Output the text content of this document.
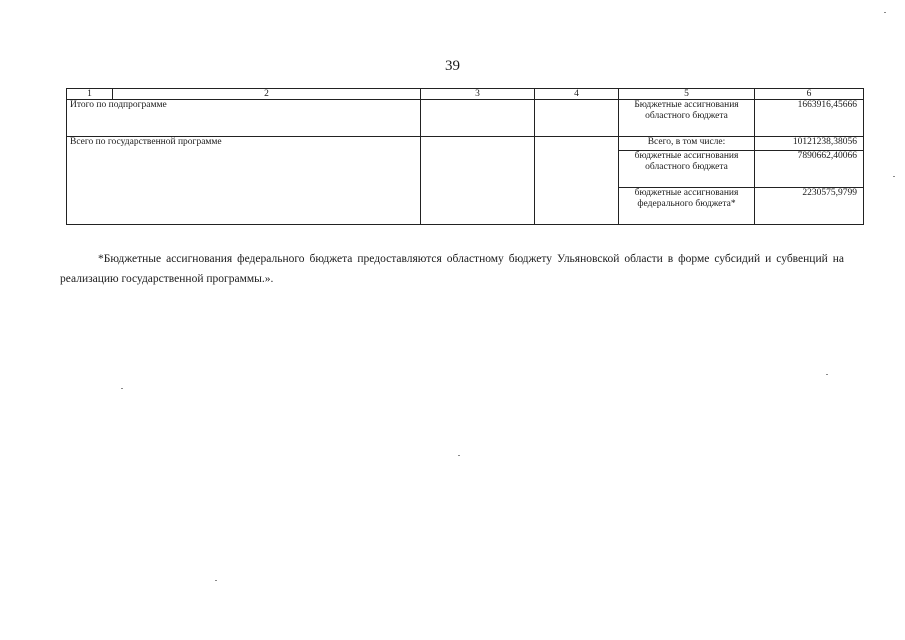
39
1	2	3	4	5	6
Итого по подпрограмме				Бюджетные ассигнования областного бюджета	1663916,45666
Всего по государственной программе				Всего, в том числе:	10121238,38056
				бюджетные ассигнования областного бюджета	7890662,40066
				бюджетные ассигнования федерального бюджета*	2230575,9799
*Бюджетные ассигнования федерального бюджета предоставляются областному бюджету Ульяновской области в форме субсидий и субвенций на реализацию государственной программы.».
